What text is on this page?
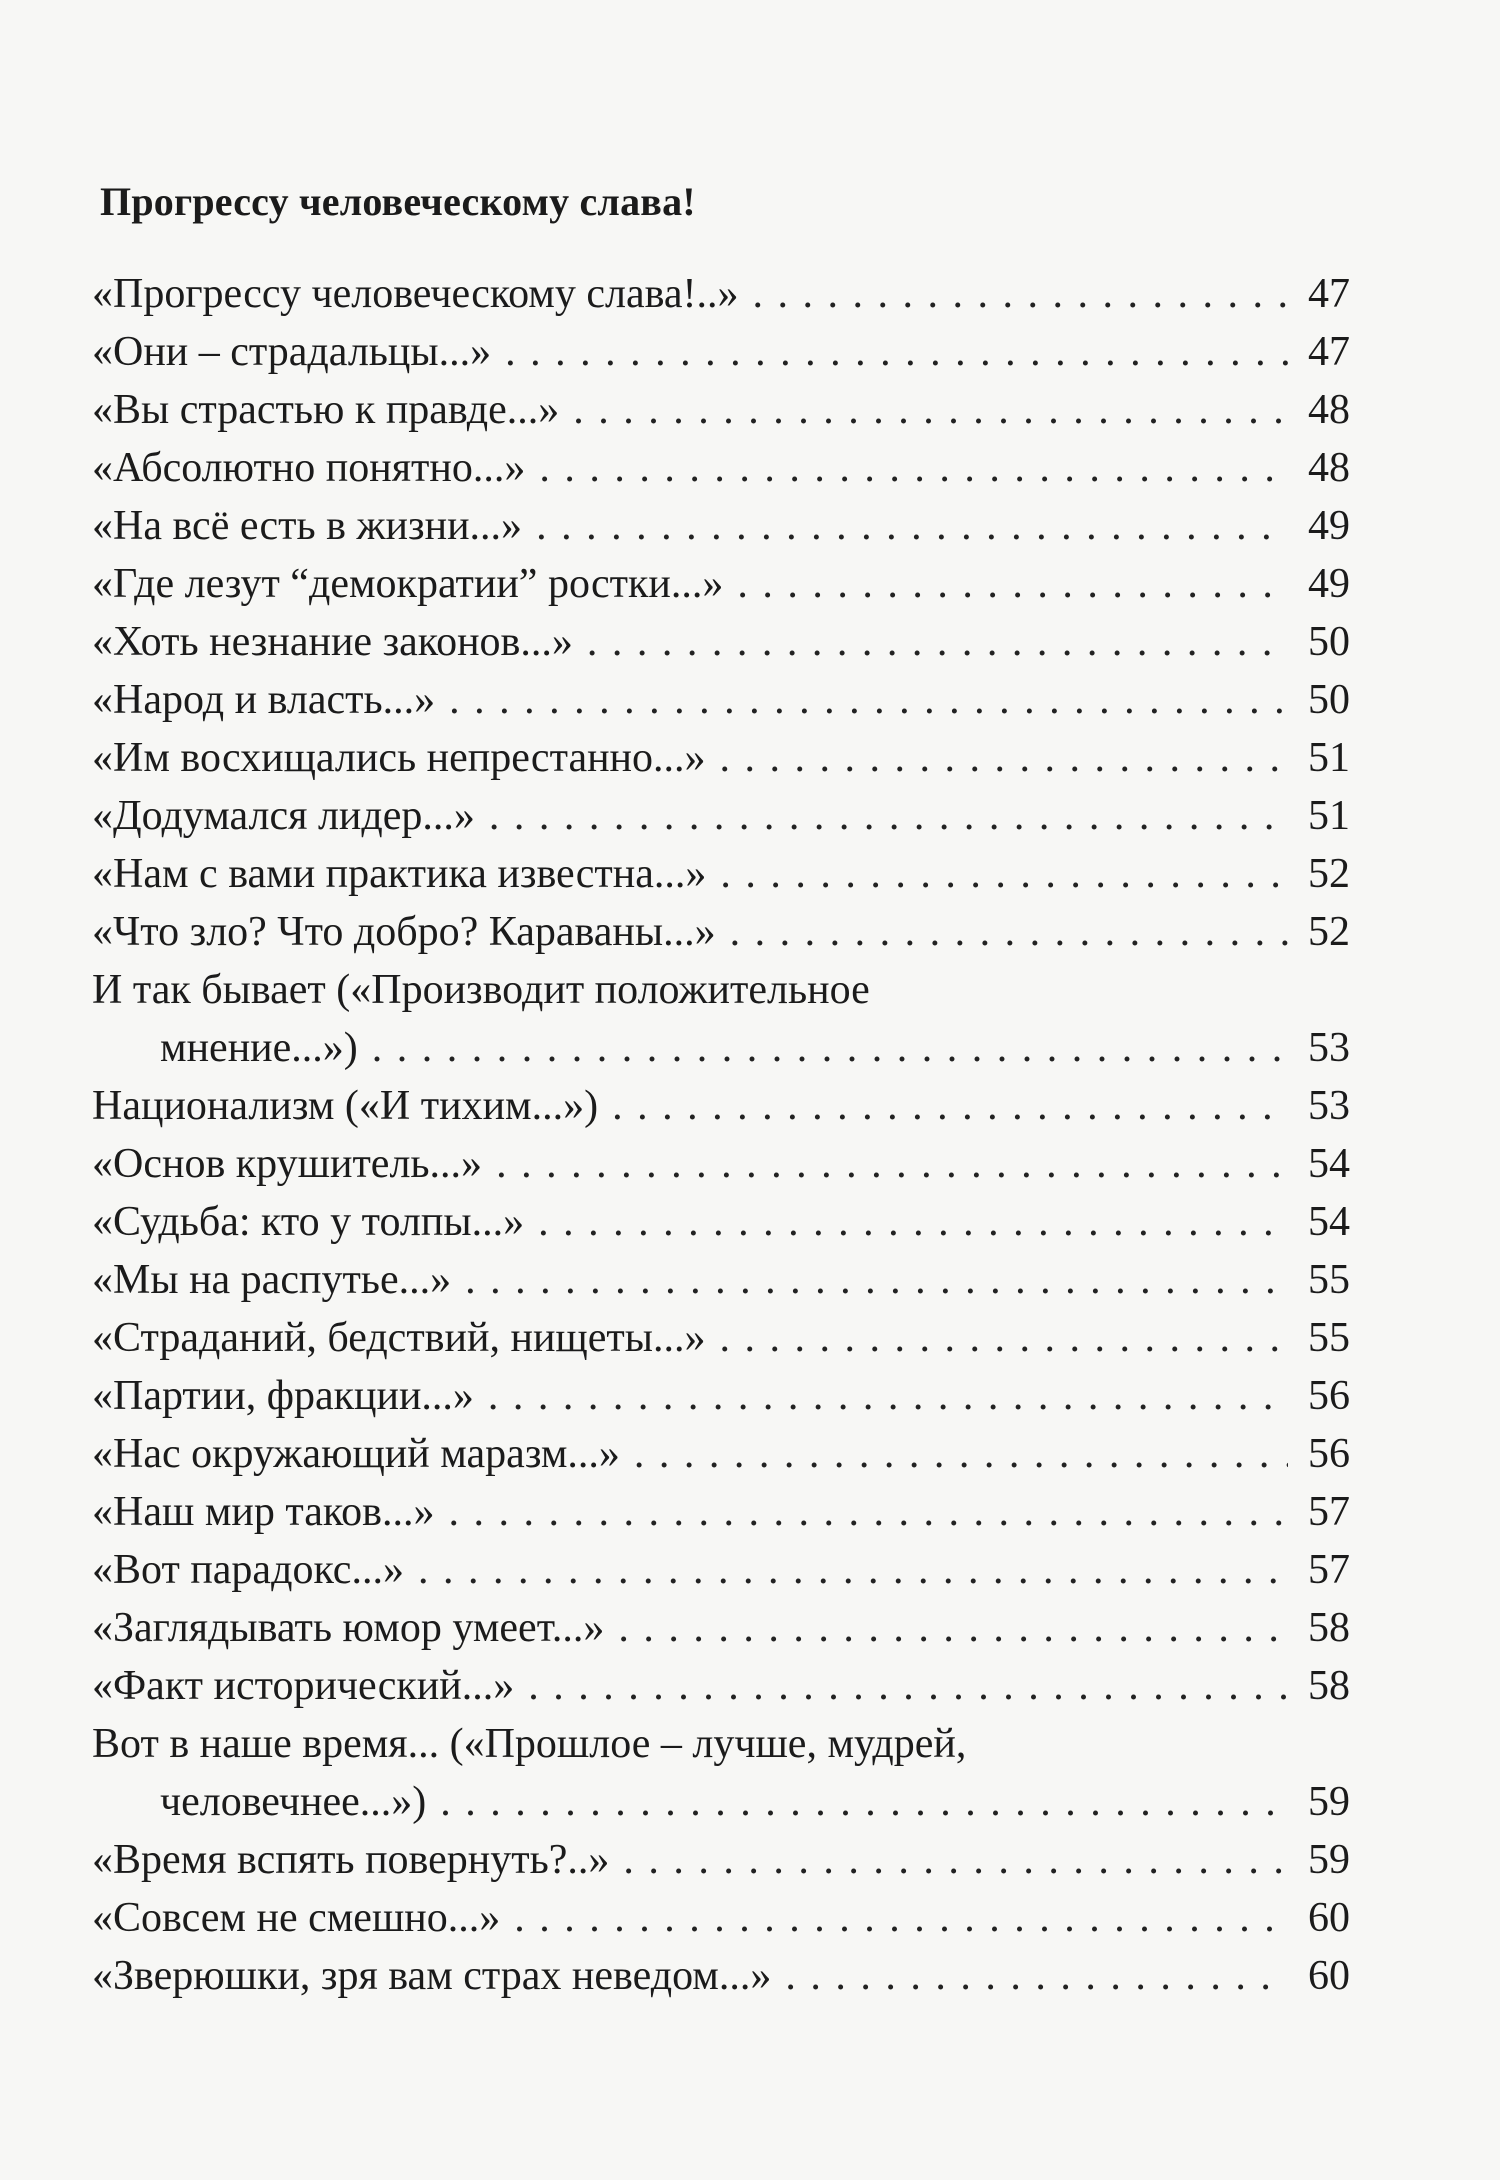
Прогрессу человеческому слава!
«Прогрессу человеческому слава!..» . . .	47
«Они – страдальцы...» . . .	47
«Вы страстью к правде...» . . .	48
«Абсолютно понятно...» . . .	48
«На всё есть в жизни...» . . .	49
«Где лезут “демократии” ростки...» . . .	49
«Хоть незнание законов...» . . .	50
«Народ и власть...» . . .	50
«Им восхищались непрестанно...» . . .	51
«Додумался лидер...» . . .	51
«Нам с вами практика известна...» . . .	52
«Что зло? Что добро? Караваны...» . . .	52
И так бывает («Производит положительное
мнение...») . . .	53
Национализм («И тихим...») . . .	53
«Основ крушитель...» . . .	54
«Судьба: кто у толпы...» . . .	54
«Мы на распутье...» . . .	55
«Страданий, бедствий, нищеты...» . . .	55
«Партии, фракции...» . . .	56
«Нас окружающий маразм...» . . .	56
«Наш мир таков...» . . .	57
«Вот парадокс...» . . .	57
«Заглядывать юмор умеет...» . . .	58
«Факт исторический...» . . .	58
Вот в наше время... («Прошлое – лучше, мудрей,
человечнее...») . . .	59
«Время вспять повернуть?..» . . .	59
«Совсем не смешно...» . . .	60
«Зверюшки, зря вам страх неведом...» . . .	60
